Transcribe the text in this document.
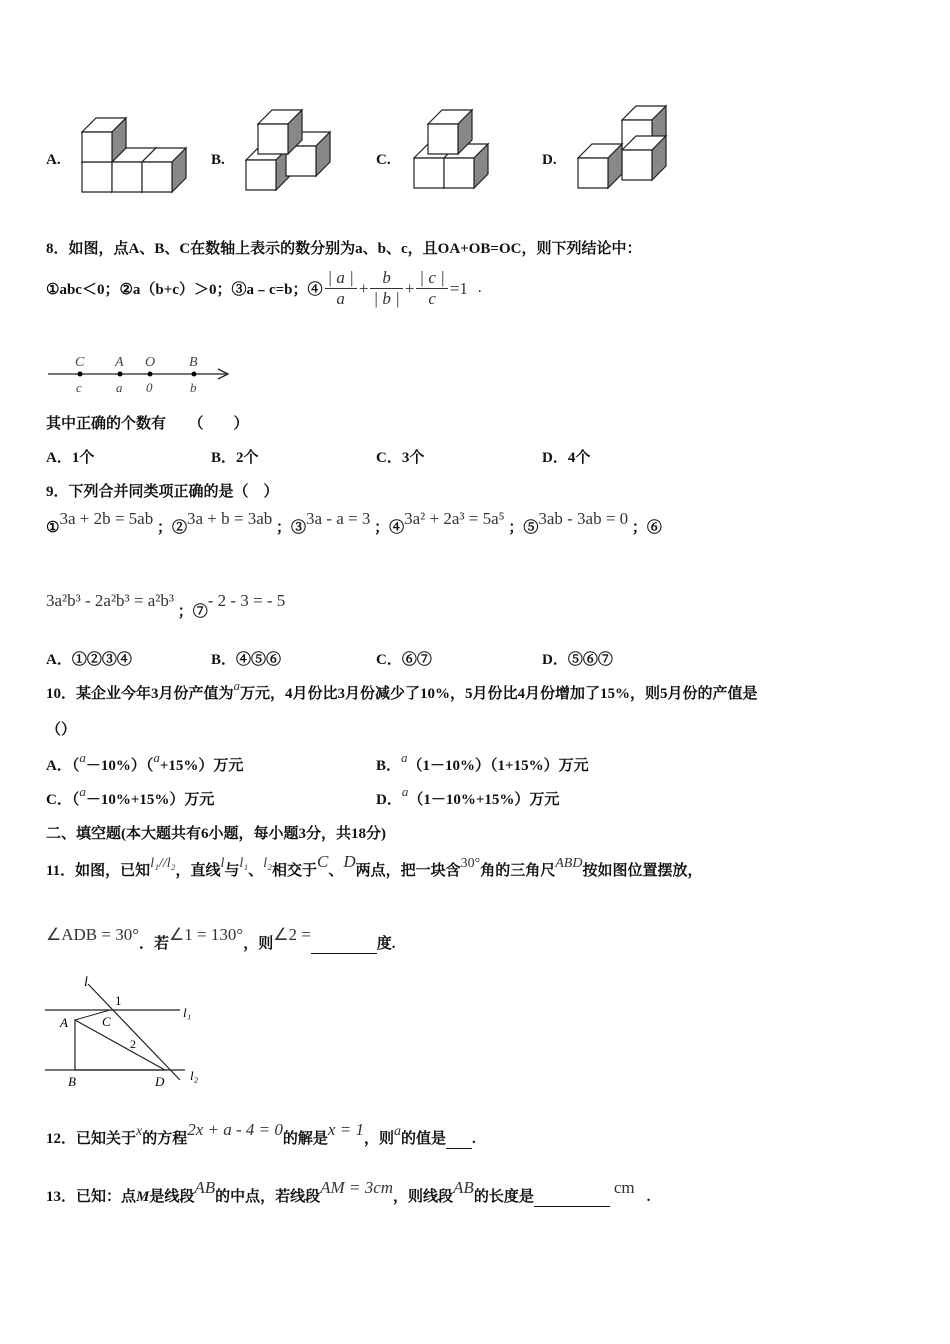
A.	B.	C.	D.
8．如图，点A、B、C在数轴上表示的数分别为a、b、c，且OA+OB=OC，则下列结论中：
①abc＜0；②a（b+c）＞0；③a﹣c=b；④ $\frac{| a |}{a} + \frac{b}{| b |} + \frac{| c |}{c} =1$ .
C
c
A
a
O
0
B
b
其中正确的个数有　　（　　）
A．1个	B．2个	C．3个	D．4个
9．下列合并同类项正确的是（　）
①3a + 2b = 5ab ；②3a + b = 3ab ；③3a - a = 3 ；④3a² + 2a³ = 5a⁵ ；⑤3ab - 3ab = 0 ；⑥
3a²b³ - 2a²b³ = a²b³ ；⑦- 2 - 3 = - 5
A．①②③④	B．④⑤⑥	C．⑥⑦	D．⑤⑥⑦
10．某企业今年3月份产值为a万元，4月份比3月份减少了10%，5月份比4月份增加了15%，则5月份的产值是
（）
A．（a－10%）（a+15%）万元	B．a（1－10%）（1+15%）万元
C．（a－10%+15%）万元	D．a（1－10%+15%）万元
二、填空题(本大题共有6小题，每小题3分，共18分)
11．如图，已知l₁//l₂，直线l与l₁、l₂相交于C、D两点，把一块含30°角的三角尺ABD按如图位置摆放，
∠ADB = 30°．若∠1 = 130°，则∠2 =	度.
l
1
A	C
2
B	D
l₁
l₂
12．已知关于x的方程2x + a - 4 = 0的解是x = 1，则a的值是 .
13．已知：点M是线段AB的中点，若线段AM = 3cm，则线段AB的长度是	cm .
